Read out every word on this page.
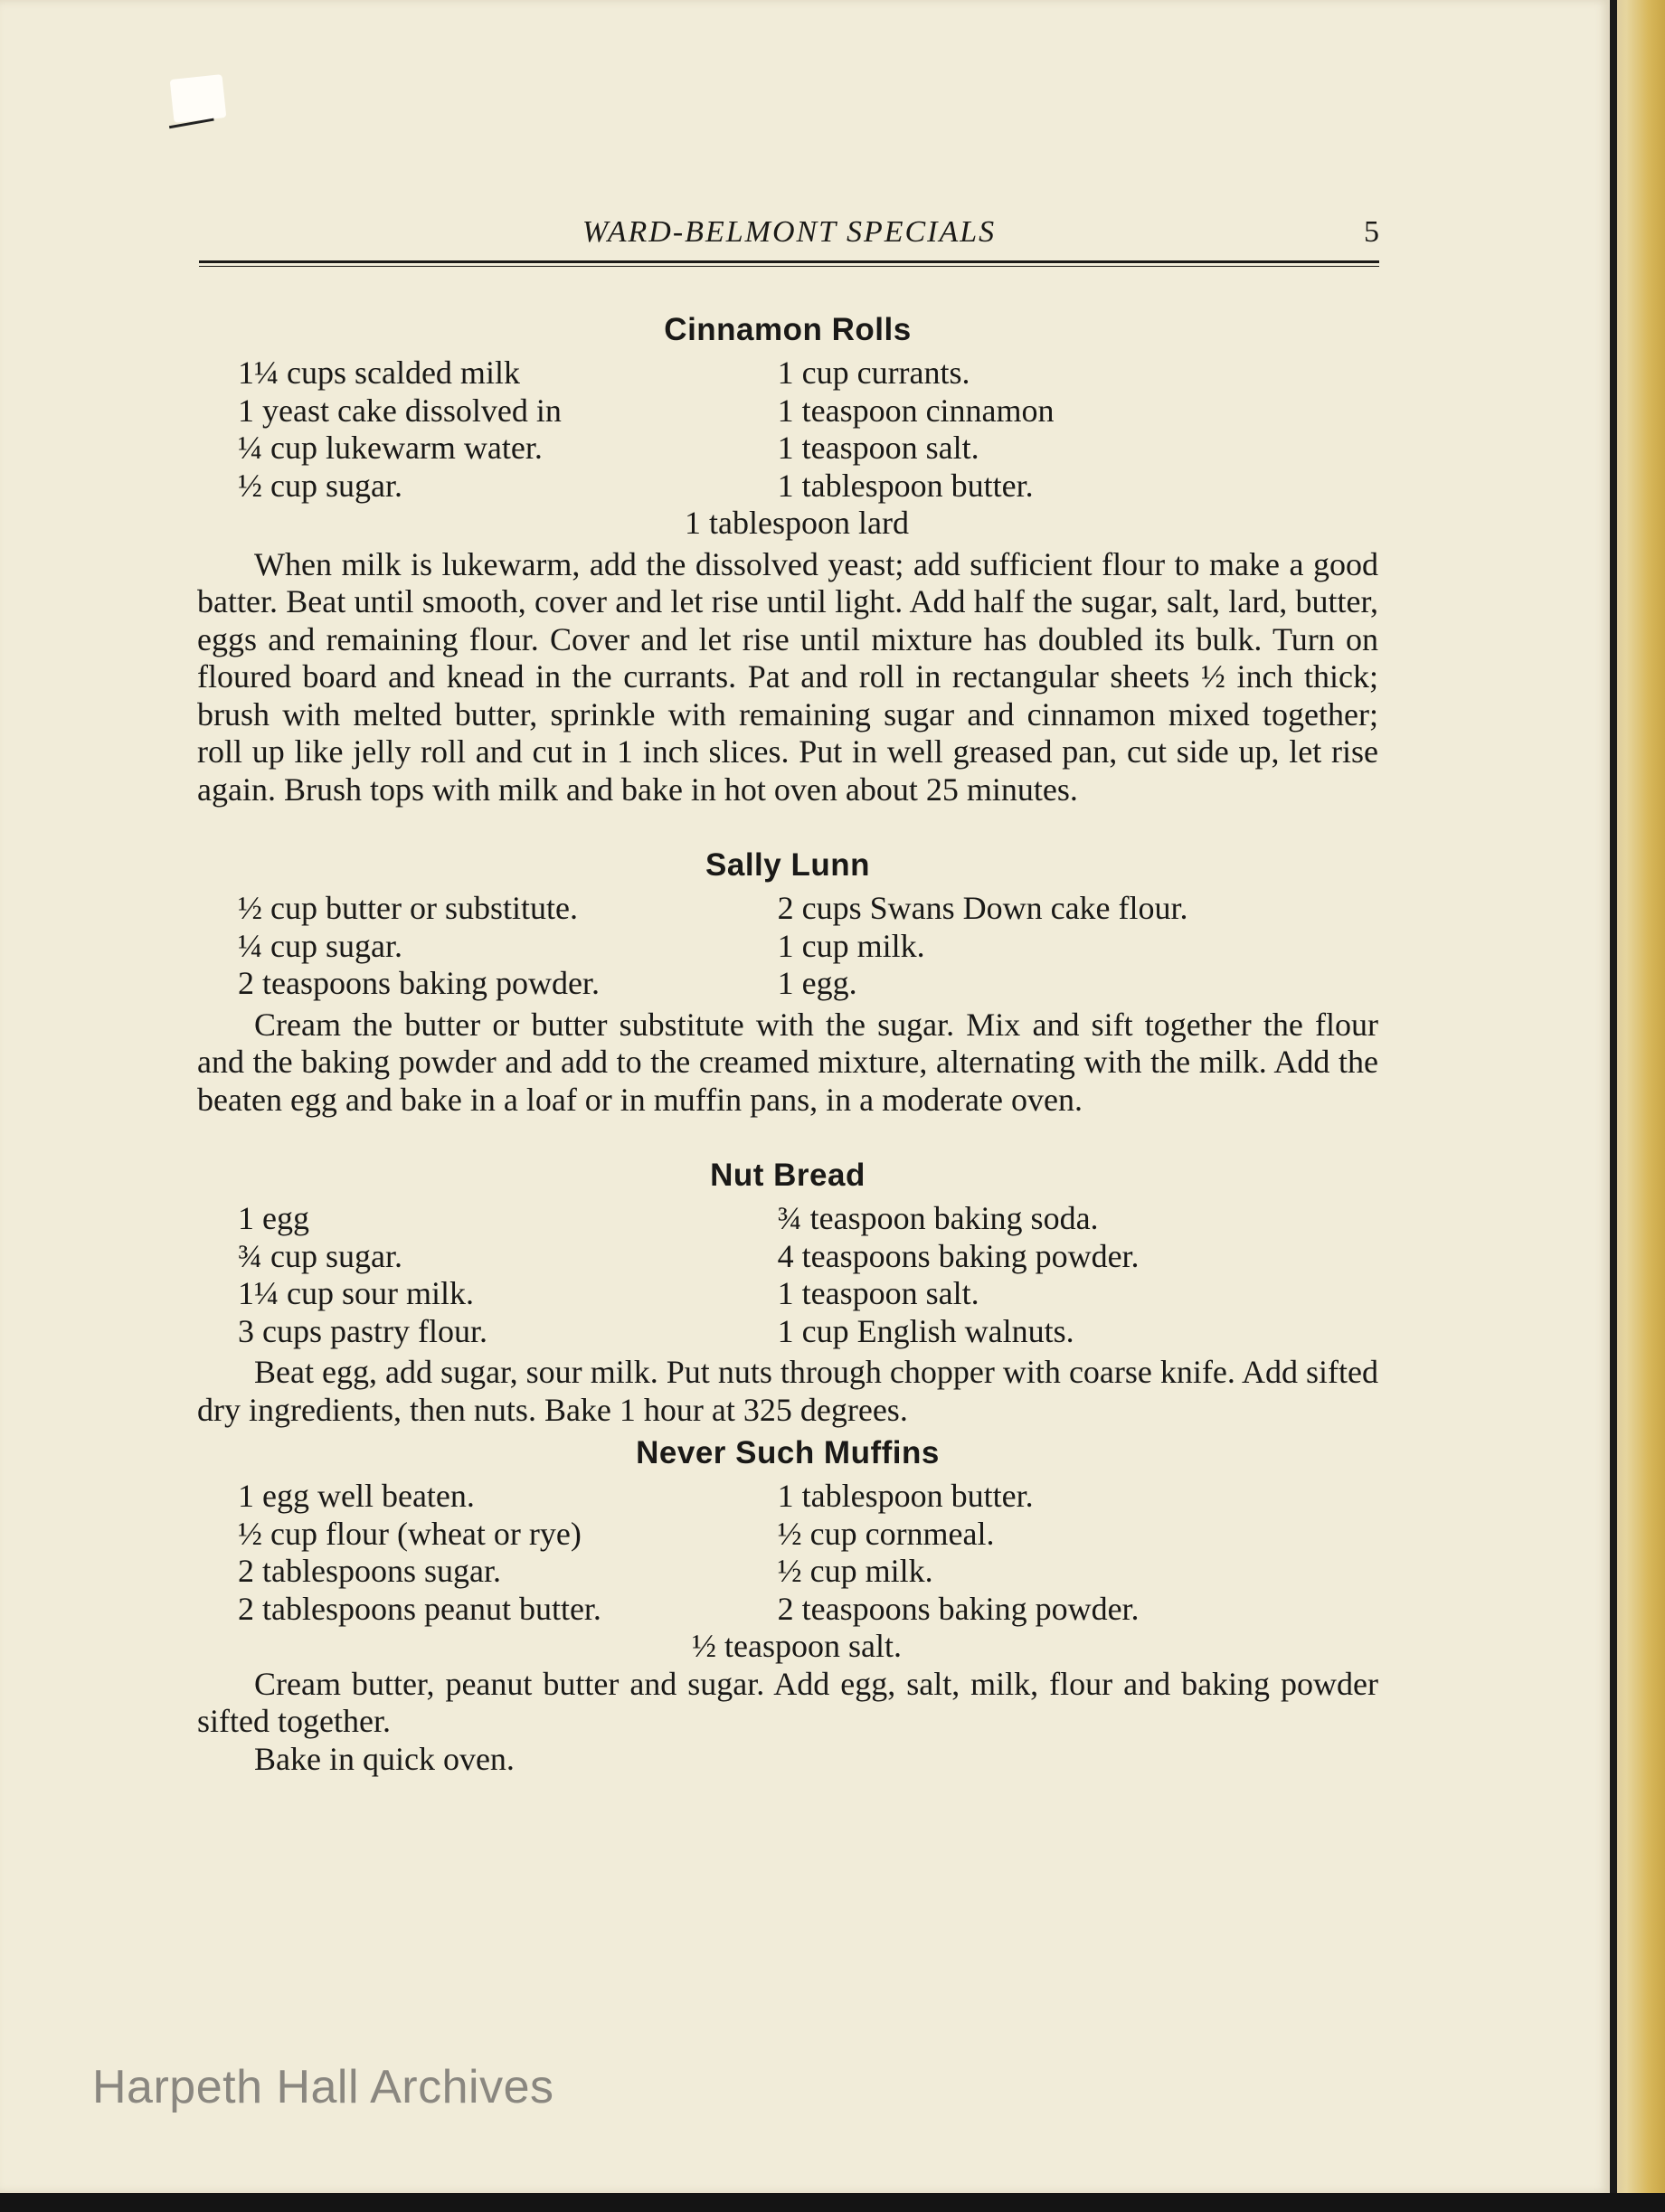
WARD-BELMONT SPECIALS	5
Cinnamon Rolls
1¼ cups scalded milk
1 yeast cake dissolved in
¼ cup lukewarm water.
½ cup sugar.
1 cup currants.
1 teaspoon cinnamon
1 teaspoon salt.
1 tablespoon butter.
1 tablespoon lard

When milk is lukewarm, add the dissolved yeast; add sufficient flour to make a good batter. Beat until smooth, cover and let rise until light. Add half the sugar, salt, lard, butter, eggs and remaining flour. Cover and let rise until mixture has doubled its bulk. Turn on floured board and knead in the currants. Pat and roll in rectangular sheets ½ inch thick; brush with melted butter, sprinkle with remaining sugar and cinnamon mixed together; roll up like jelly roll and cut in 1 inch slices. Put in well greased pan, cut side up, let rise again. Brush tops with milk and bake in hot oven about 25 minutes.

Sally Lunn
½ cup butter or substitute.
¼ cup sugar.
2 teaspoons baking powder.
2 cups Swans Down cake flour.
1 cup milk.
1 egg.

Cream the butter or butter substitute with the sugar. Mix and sift together the flour and the baking powder and add to the creamed mixture, alternating with the milk. Add the beaten egg and bake in a loaf or in muffin pans, in a moderate oven.

Nut Bread
1 egg
¾ cup sugar.
1¼ cup sour milk.
3 cups pastry flour.
¾ teaspoon baking soda.
4 teaspoons baking powder.
1 teaspoon salt.
1 cup English walnuts.

Beat egg, add sugar, sour milk. Put nuts through chopper with coarse knife. Add sifted dry ingredients, then nuts. Bake 1 hour at 325 degrees.

Never Such Muffins
1 egg well beaten.
½ cup flour (wheat or rye)
2 tablespoons sugar.
2 tablespoons peanut butter.
1 tablespoon butter.
½ cup cornmeal.
½ cup milk.
2 teaspoons baking powder.
½ teaspoon salt.

Cream butter, peanut butter and sugar. Add egg, salt, milk, flour and baking powder sifted together.

Bake in quick oven.

Harpeth Hall Archives
